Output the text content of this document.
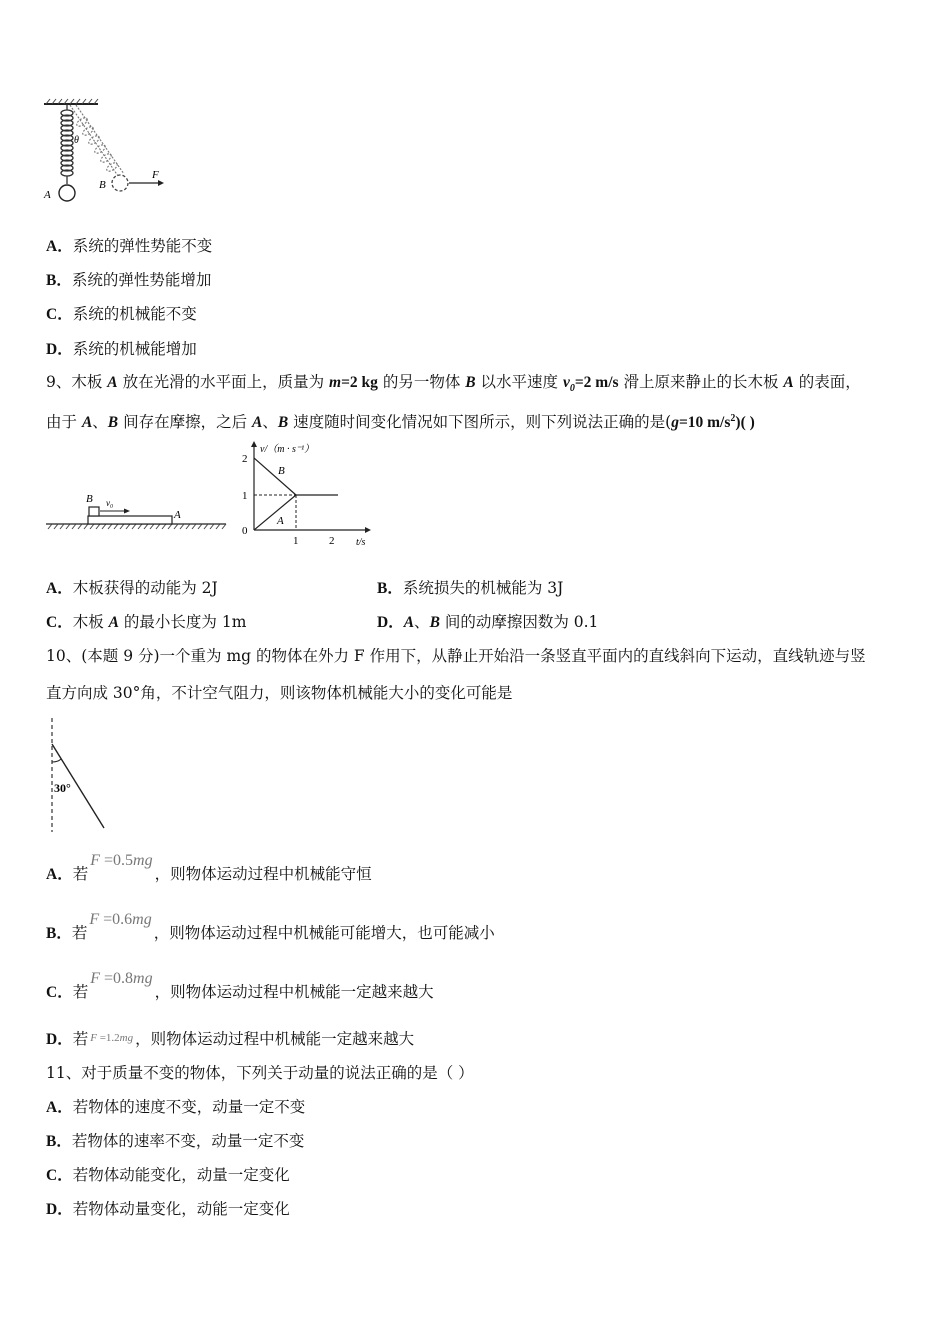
θ
A
B
F
A．系统的弹性势能不变
B．系统的弹性势能增加
C．系统的机械能不变
D．系统的机械能增加
9、木板 A 放在光滑的水平面上，质量为 m=2 kg 的另一物体 B 以水平速度 $v_0=2$ m/s 滑上原来静止的长木板 A 的表面，
由于 A、B 间存在摩擦，之后 A、B 速度随时间变化情况如下图所示，则下列说法正确的是(g=10 $m/s^2$)( )
B v₀
A
v/（m · s⁻¹）
2
1
0
1	2 t/s
B
A
A．木板获得的动能为 2J	B．系统损失的机械能为 3J
C．木板 A 的最小长度为 1m	D．A、B 间的动摩擦因数为 0.1
10、(本题 9 分)一个重为 mg 的物体在外力 F 作用下，从静止开始沿一条竖直平面内的直线斜向下运动，直线轨迹与竖
直方向成 30°角，不计空气阻力，则该物体机械能大小的变化可能是
30°
A．若F =0.5mg，则物体运动过程中机械能守恒
B．若F =0.6mg，则物体运动过程中机械能可能增大，也可能减小
C．若F =0.8mg，则物体运动过程中机械能一定越来越大
D．若 F =1.2mg ，则物体运动过程中机械能一定越来越大
11、对于质量不变的物体，下列关于动量的说法正确的是（ ）
A．若物体的速度不变，动量一定不变
B．若物体的速率不变，动量一定不变
C．若物体动能变化，动量一定变化
D．若物体动量变化，动能一定变化
